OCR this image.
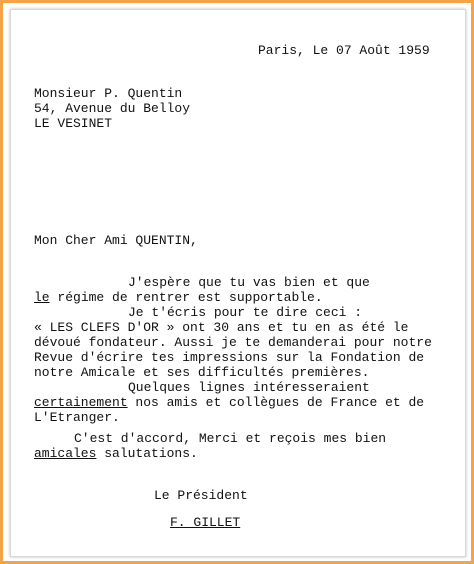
Paris, Le 07 Août 1959

Monsieur P. Quentin

54, Avenue du Belloy

LE VESINET

Mon Cher Ami QUENTIN,

J'espère que tu vas bien et que

le régime de rentrer est supportable.

Je t'écris pour te dire ceci :

« LES CLEFS D'OR » ont 30 ans et tu en as été le

dévoué fondateur. Aussi je te demanderai pour notre

Revue d'écrire tes impressions sur la Fondation de

notre Amicale et ses difficultés premières.

Quelques lignes intéresseraient

certainement nos amis et collègues de France et de

L'Etranger.

C'est d'accord, Merci et reçois mes bien

amicales salutations.

Le Président

F. GILLET
